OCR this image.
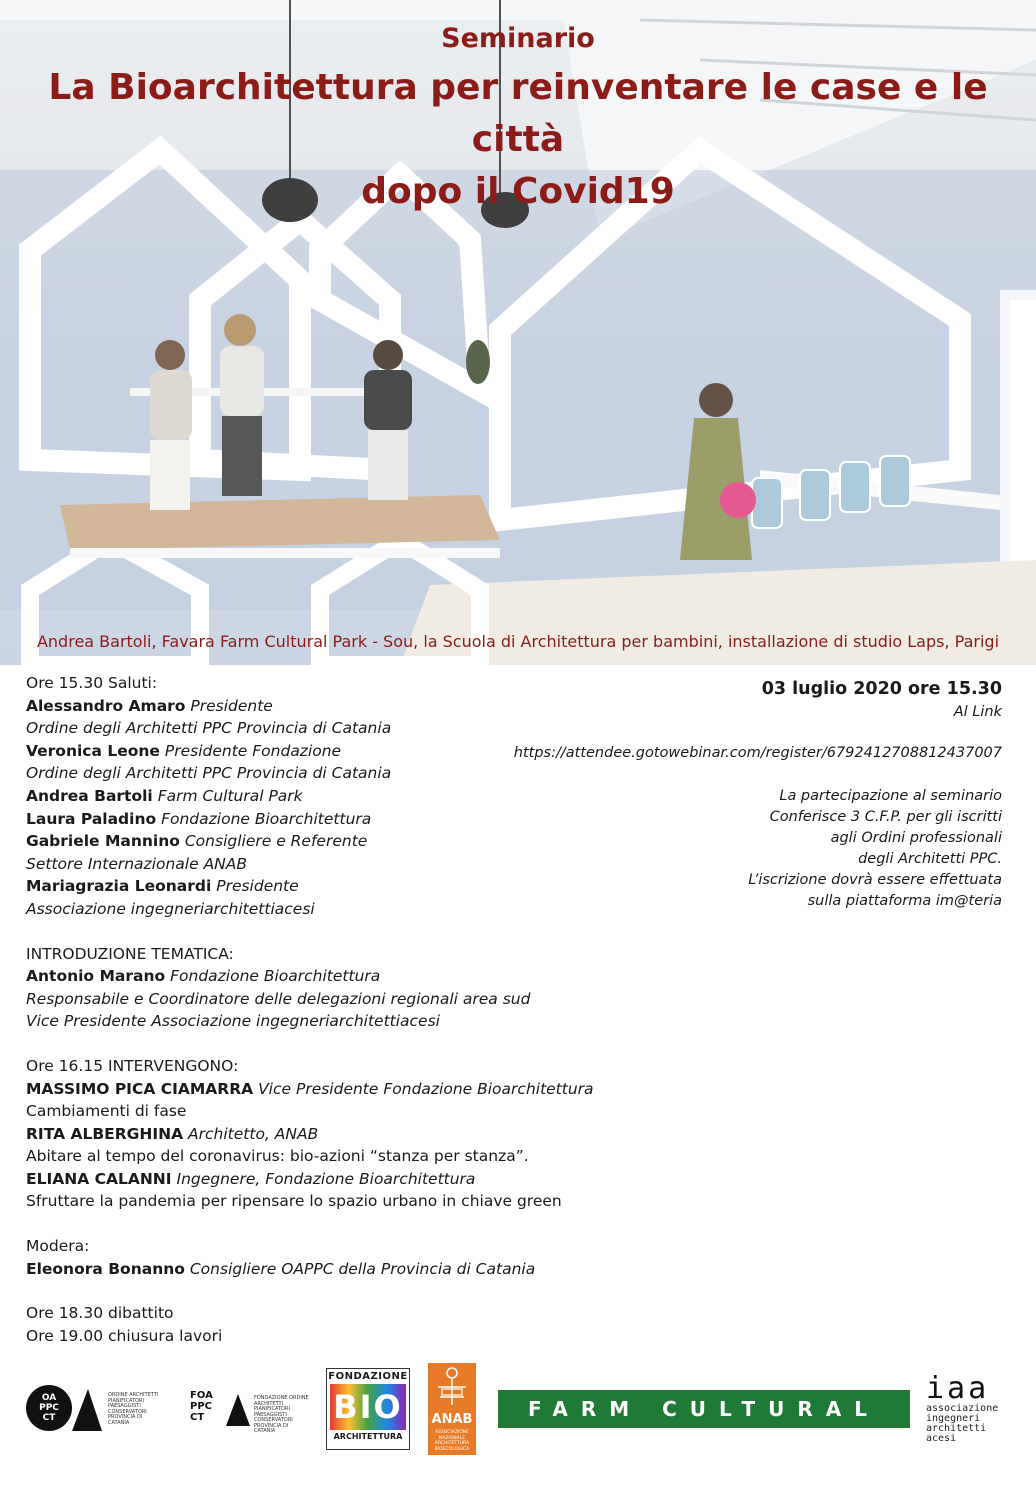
Seminario

La Bioarchitettura per reinventare le case e le città

dopo il Covid19

Andrea Bartoli, Favara Farm Cultural Park - Sou, la Scuola di Architettura per bambini, installazione di studio Laps, Parigi

Ore 15.30 Saluti:

Alessandro Amaro Presidente

Ordine degli Architetti PPC Provincia di Catania

Veronica Leone Presidente Fondazione

Ordine degli Architetti PPC Provincia di Catania

Andrea Bartoli Farm Cultural Park

Laura Paladino Fondazione Bioarchitettura

Gabriele Mannino Consigliere e Referente

Settore Internazionale ANAB

Mariagrazia Leonardi Presidente

Associazione ingegneriarchitettiacesi

INTRODUZIONE TEMATICA:

Antonio Marano Fondazione Bioarchitettura

Responsabile e Coordinatore delle delegazioni regionali area sud

Vice Presidente Associazione ingegneriarchitettiacesi

Ore 16.15 INTERVENGONO:

MASSIMO PICA CIAMARRA Vice Presidente Fondazione Bioarchitettura

Cambiamenti di fase

RITA ALBERGHINA Architetto, ANAB

Abitare al tempo del coronavirus: bio-azioni “stanza per stanza”.

ELIANA CALANNI Ingegnere, Fondazione Bioarchitettura

Sfruttare la pandemia per ripensare lo spazio urbano in chiave green

Modera:

Eleonora Bonanno Consigliere OAPPC della Provincia di Catania

Ore 18.30 dibattito

Ore 19.00 chiusura lavori

03 luglio 2020 ore 15.30

Al Link

https://attendee.gotowebinar.com/register/6792412708812437007

La partecipazione al seminario

Conferisce 3 C.F.P. per gli iscritti

agli Ordini professionali

degli Architetti PPC.

L’iscrizione dovrà essere effettuata

sulla piattaforma im@teria

OA
PPC
CT
ORDINE ARCHITETTI PIANIFICATORI PAESAGGISTI CONSERVATORI PROVINCIA DI CATANIA
FOA PPC CT
FONDAZIONE ORDINE ARCHITETTI PIANIFICATORI PAESAGGISTI CONSERVATORI PROVINCIA DI CATANIA
FONDAZIONE
BIO
ARCHITETTURA
ANAB
ASSOCIAZIONE NAZIONALE ARCHITETTURA BIOECOLOGICA
FARM CULTURAL PARK
iaa
associazione ingegneri architetti acesi
